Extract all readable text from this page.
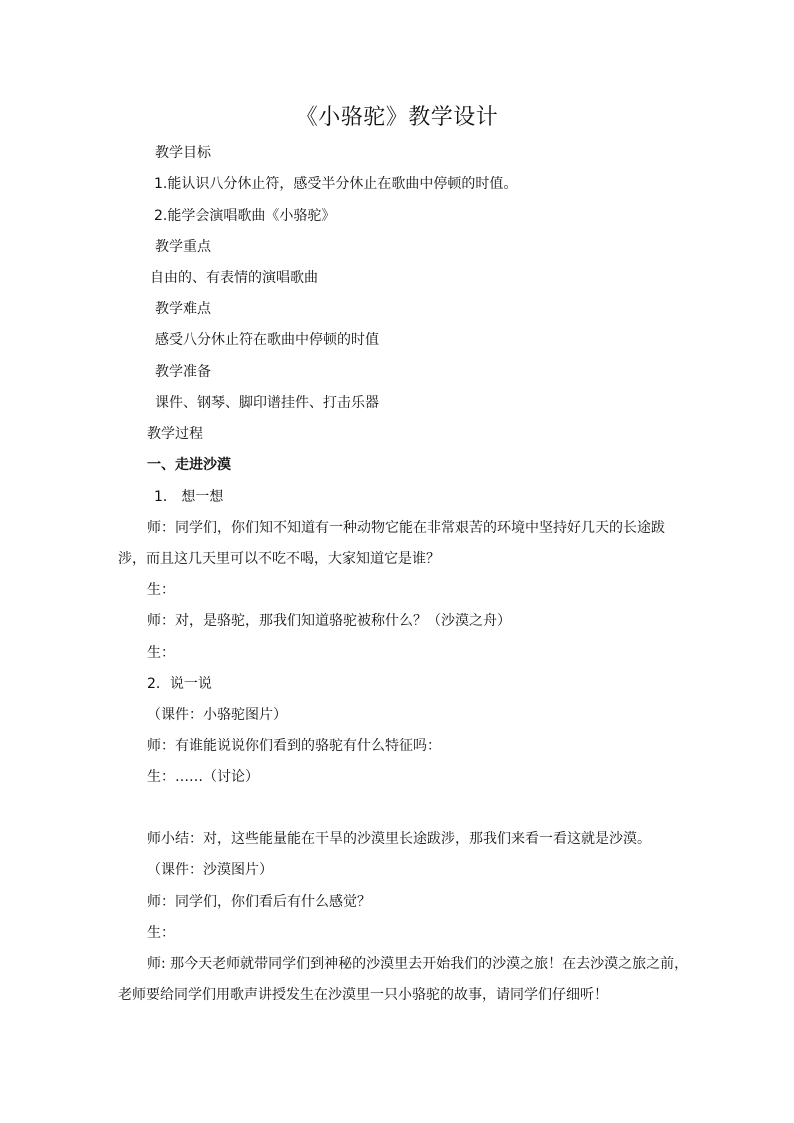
《小骆驼》教学设计
教学目标
1.能认识八分休止符，感受半分休止在歌曲中停顿的时值。
2.能学会演唱歌曲《小骆驼》
教学重点
自由的、有表情的演唱歌曲
教学难点
感受八分休止符在歌曲中停顿的时值
教学准备
课件、钢琴、脚印谱挂件、打击乐器
教学过程
一、走进沙漠
1． 想一想
师：同学们，你们知不知道有一种动物它能在非常艰苦的环境中坚持好几天的长途跋
涉，而且这几天里可以不吃不喝，大家知道它是谁？
生：
师：对，是骆驼，那我们知道骆驼被称什么？（沙漠之舟）
生：
2．说一说
（课件：小骆驼图片）
师：有谁能说说你们看到的骆驼有什么特征吗：
生：……（讨论）
师小结：对，这些能量能在干旱的沙漠里长途跋涉，那我们来看一看这就是沙漠。
（课件：沙漠图片）
师：同学们，你们看后有什么感觉？
生：
师: 那今天老师就带同学们到神秘的沙漠里去开始我们的沙漠之旅！在去沙漠之旅之前，
老师要给同学们用歌声讲授发生在沙漠里一只小骆驼的故事，请同学们仔细听！
